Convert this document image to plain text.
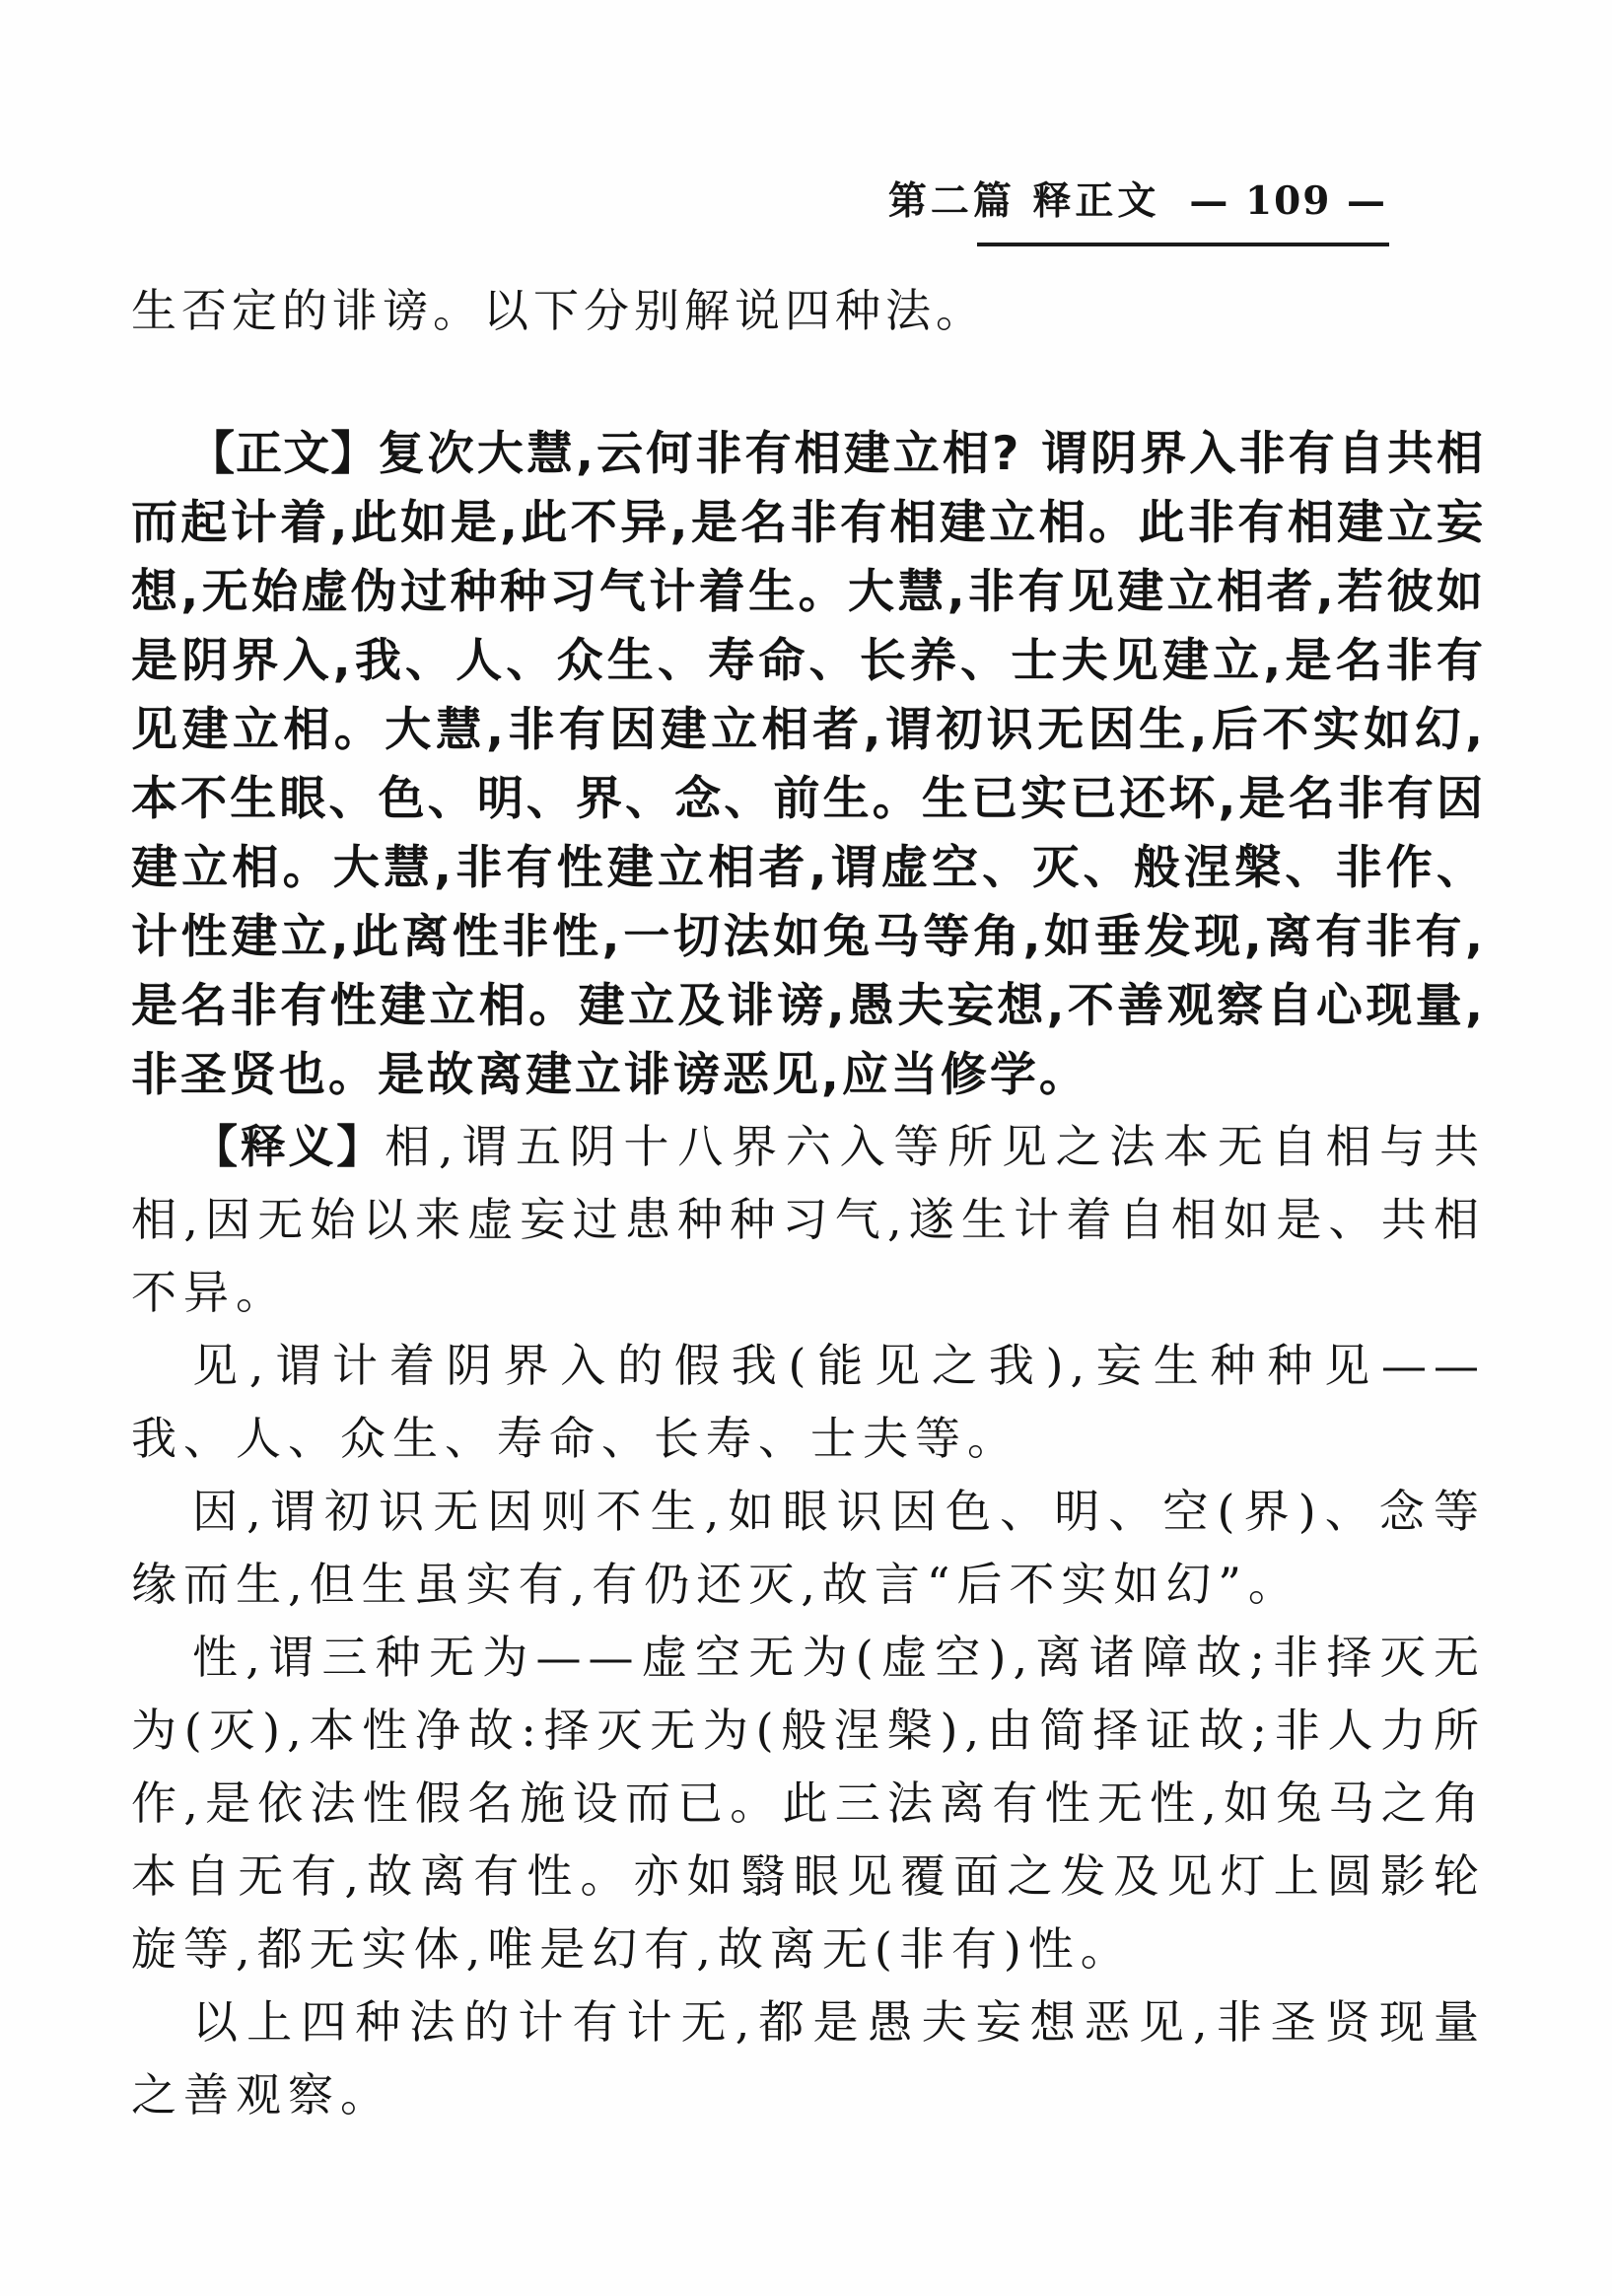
第二篇 释正文 — 109 —

生否定的诽谤。以下分别解说四种法。

【正文】复次大慧,云何非有相建立相? 谓阴界入非有自共相而起计着,此如是,此不异,是名非有相建立相。此非有相建立妄想,无始虚伪过种种习气计着生。大慧,非有见建立相者,若彼如是阴界入,我、人、众生、寿命、长养、士夫见建立,是名非有见建立相。大慧,非有因建立相者,谓初识无因生,后不实如幻,本不生眼、色、明、界、念、前生。生已实已还坏,是名非有因建立相。大慧,非有性建立相者,谓虚空、灭、般涅槃、非作、计性建立,此离性非性,一切法如兔马等角,如垂发现,离有非有,是名非有性建立相。建立及诽谤,愚夫妄想,不善观察自心现量,非圣贤也。是故离建立诽谤恶见,应当修学。

【释义】相,谓五阴十八界六入等所见之法本无自相与共相,因无始以来虚妄过患种种习气,遂生计着自相如是、共相不异。

见,谓计着阴界入的假我(能见之我),妄生种种见——我、人、众生、寿命、长寿、士夫等。

因,谓初识无因则不生,如眼识因色、明、空(界)、念等缘而生,但生虽实有,有仍还灭,故言“后不实如幻”。

性,谓三种无为——虚空无为(虚空),离诸障故;非择灭无为(灭),本性净故:择灭无为(般涅槃),由简择证故;非人力所作,是依法性假名施设而已。此三法离有性无性,如兔马之角本自无有,故离有性。亦如翳眼见覆面之发及见灯上圆影轮旋等,都无实体,唯是幻有,故离无(非有)性。

以上四种法的计有计无,都是愚夫妄想恶见,非圣贤现量之善观察。
